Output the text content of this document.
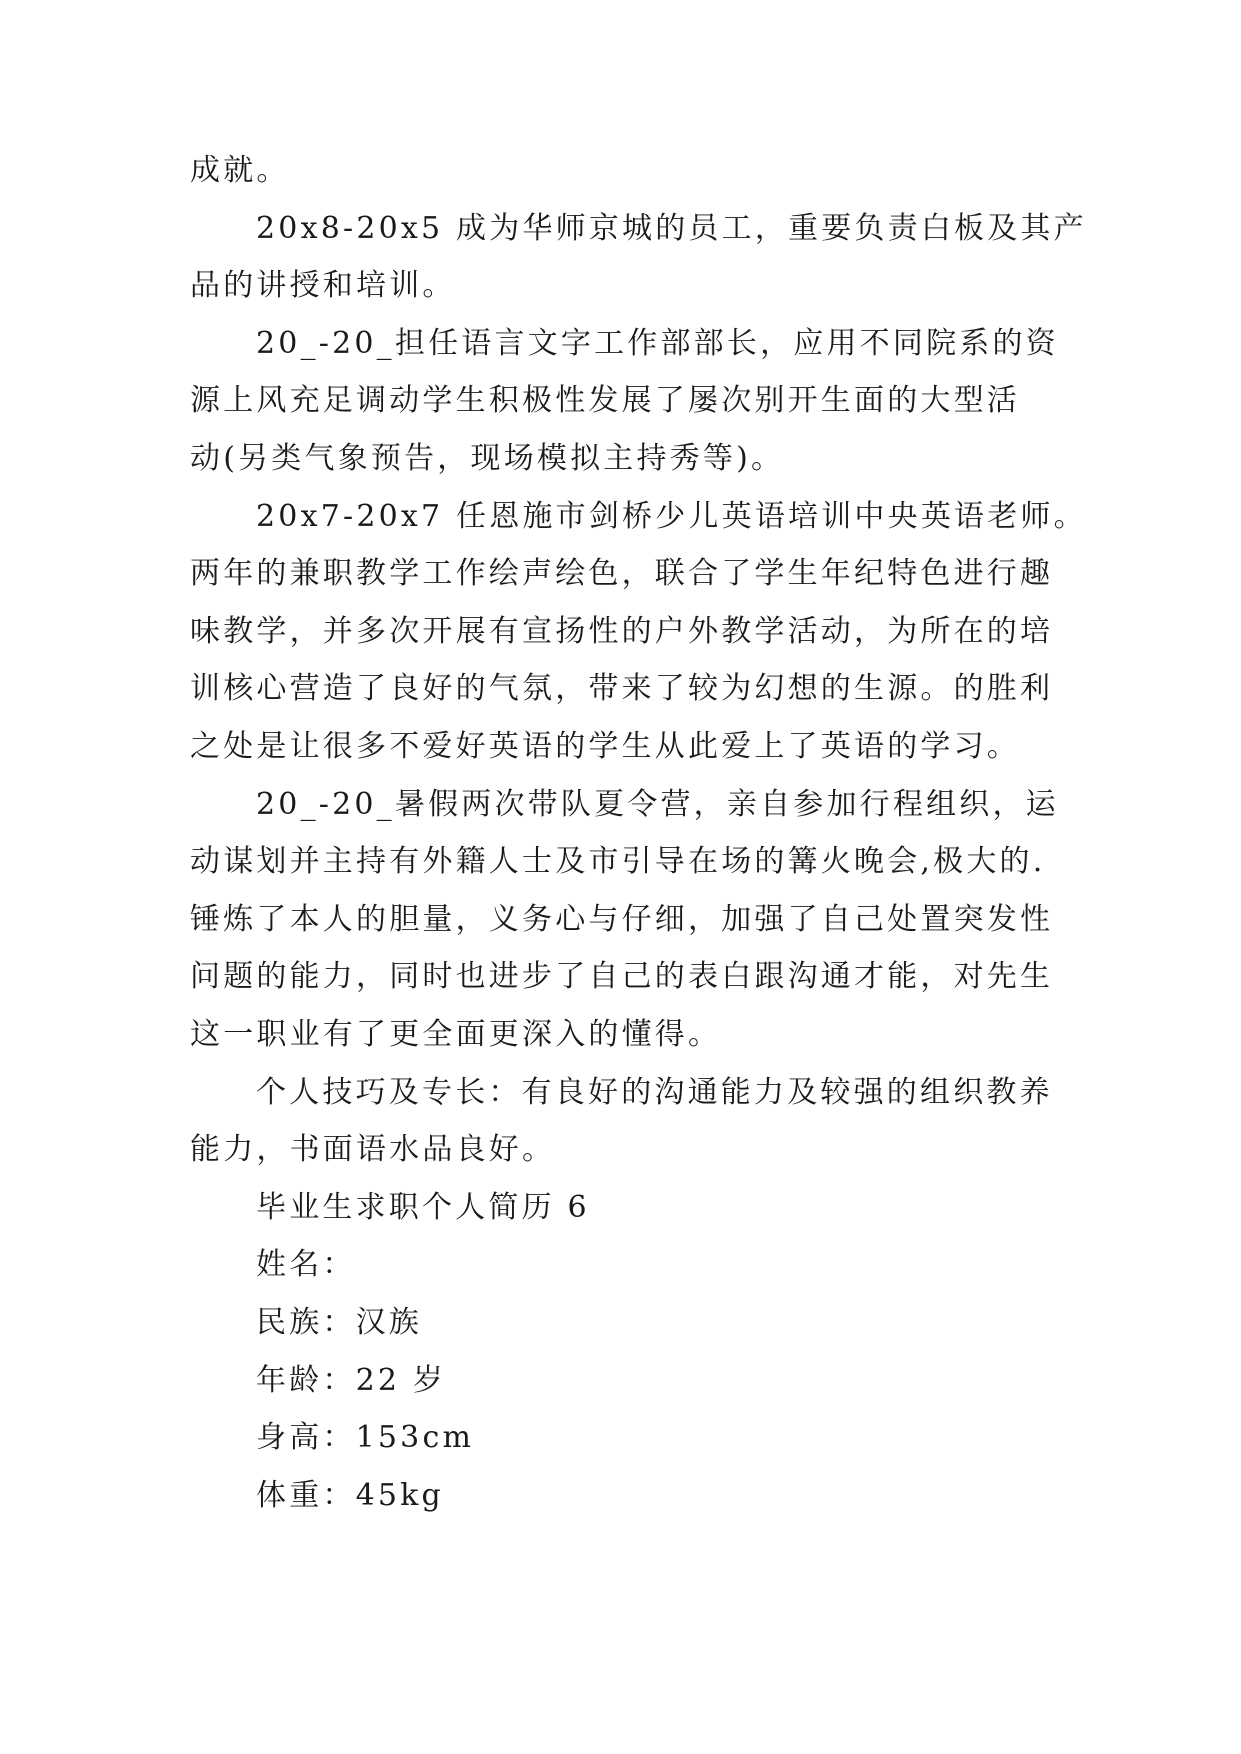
成就。
20x8-20x5 成为华师京城的员工，重要负责白板及其产
品的讲授和培训。
20_-20_担任语言文字工作部部长，应用不同院系的资
源上风充足调动学生积极性发展了屡次别开生面的大型活
动(另类气象预告，现场模拟主持秀等)。
20x7-20x7 任恩施市剑桥少儿英语培训中央英语老师。
两年的兼职教学工作绘声绘色，联合了学生年纪特色进行趣
味教学，并多次开展有宣扬性的户外教学活动，为所在的培
训核心营造了良好的气氛，带来了较为幻想的生源。的胜利
之处是让很多不爱好英语的学生从此爱上了英语的学习。
20_-20_暑假两次带队夏令营，亲自参加行程组织，运
动谋划并主持有外籍人士及市引导在场的篝火晚会,极大的.
锤炼了本人的胆量，义务心与仔细，加强了自己处置突发性
问题的能力，同时也进步了自己的表白跟沟通才能，对先生
这一职业有了更全面更深入的懂得。
个人技巧及专长：有良好的沟通能力及较强的组织教养
能力，书面语水品良好。
毕业生求职个人简历 6
姓名：
民族：汉族
年龄：22 岁
身高：153cm
体重：45kg
